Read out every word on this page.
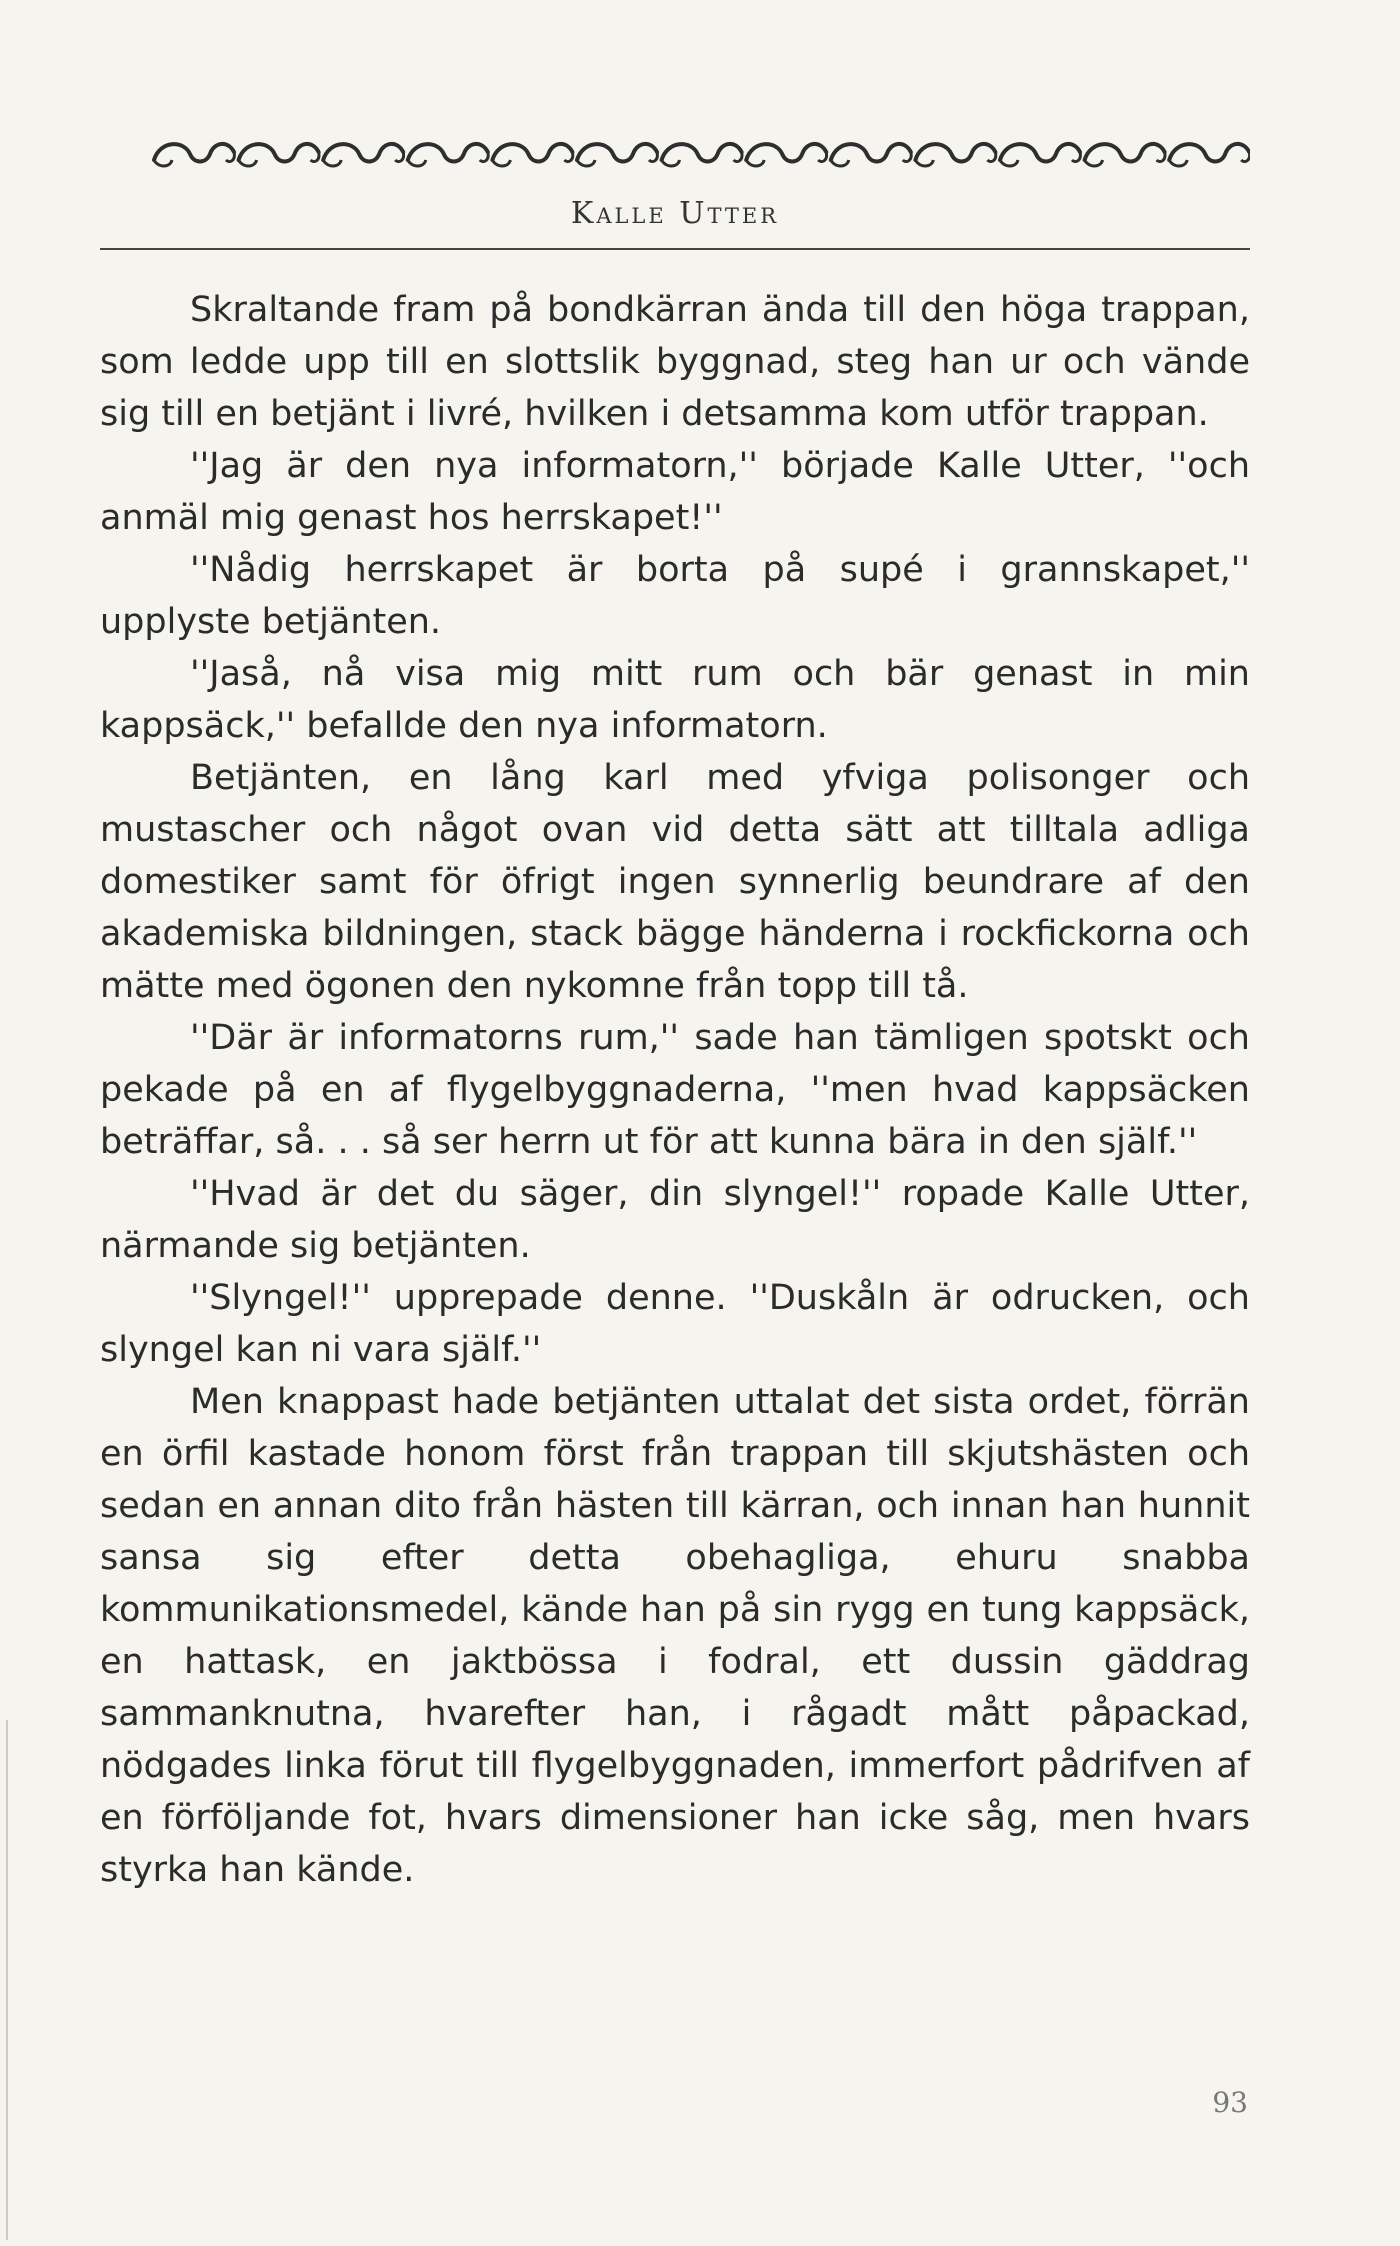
Kalle Utter

Skraltande fram på bondkärran ända till den höga trappan, som ledde upp till en slottslik byggnad, steg han ur och vände sig till en betjänt i livré, hvilken i detsamma kom utför trappan.

''Jag är den nya informatorn,'' började Kalle Utter, ''och anmäl mig genast hos herrskapet!''

''Nådig herrskapet är borta på supé i grannskapet,'' upplyste betjänten.

''Jaså, nå visa mig mitt rum och bär genast in min kappsäck,'' befallde den nya informatorn.

Betjänten, en lång karl med yfviga polisonger och mustascher och något ovan vid detta sätt att tilltala adliga domestiker samt för öfrigt ingen synnerlig beundrare af den akademiska bildningen, stack bägge händerna i rockfickorna och mätte med ögonen den nykomne från topp till tå.

''Där är informatorns rum,'' sade han tämligen spotskt och pekade på en af flygelbyggnaderna, ''men hvad kappsäcken beträffar, så. . . så ser herrn ut för att kunna bära in den själf.''

''Hvad är det du säger, din slyngel!'' ropade Kalle Utter, närmande sig betjänten.

''Slyngel!'' upprepade denne. ''Duskåln är odrucken, och slyngel kan ni vara själf.''

Men knappast hade betjänten uttalat det sista ordet, förrän en örfil kastade honom först från trappan till skjutshästen och sedan en annan dito från hästen till kärran, och innan han hunnit sansa sig efter detta obehagliga, ehuru snabba kommunikationsmedel, kände han på sin rygg en tung kappsäck, en hattask, en jaktbössa i fodral, ett dussin gäddrag sammanknutna, hvarefter han, i rågadt mått påpackad, nödgades linka förut till flygelbyggnaden, immerfort pådrifven af en förföljande fot, hvars dimensioner han icke såg, men hvars styrka han kände.

93
